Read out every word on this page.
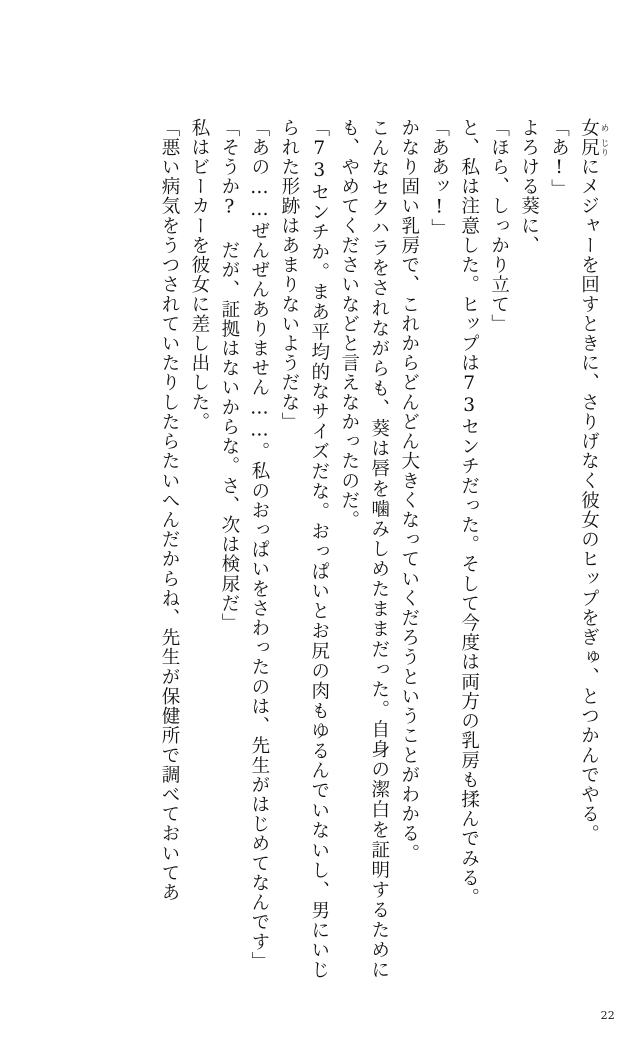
女 め尻 じりにメジャーを回すときに、さりげなく彼女のヒップをぎゅ、とつかんでやる。

「あ!」

よろける葵に、

「ほら、しっかり立て」

と、私は注意した。ヒップは73センチだった。そして今度は両方の乳房も揉んでみる。

「ああッ!」

かなり固い乳房で、これからどんどん大きくなっていくだろうということがわかる。

こんなセクハラをされながらも、葵は唇を噛みしめたままだった。自身の潔白を証明するためにも、やめてくださいなどと言えなかったのだ。

「73センチか。まあ平均的なサイズだな。おっぱいとお尻の肉もゆるんでいないし、男にいじられた形跡はあまりないようだな」

「あの……ぜんぜんありません……。私のおっぱいをさわったのは、先生がはじめてなんです」

「そうか? だが、証拠はないからな。さ、次は検尿だ」

私はビーカーを彼女に差し出した。

「悪い病気をうつされていたりしたらたいへんだからね、先生が保健所で調べておいてあ

22
